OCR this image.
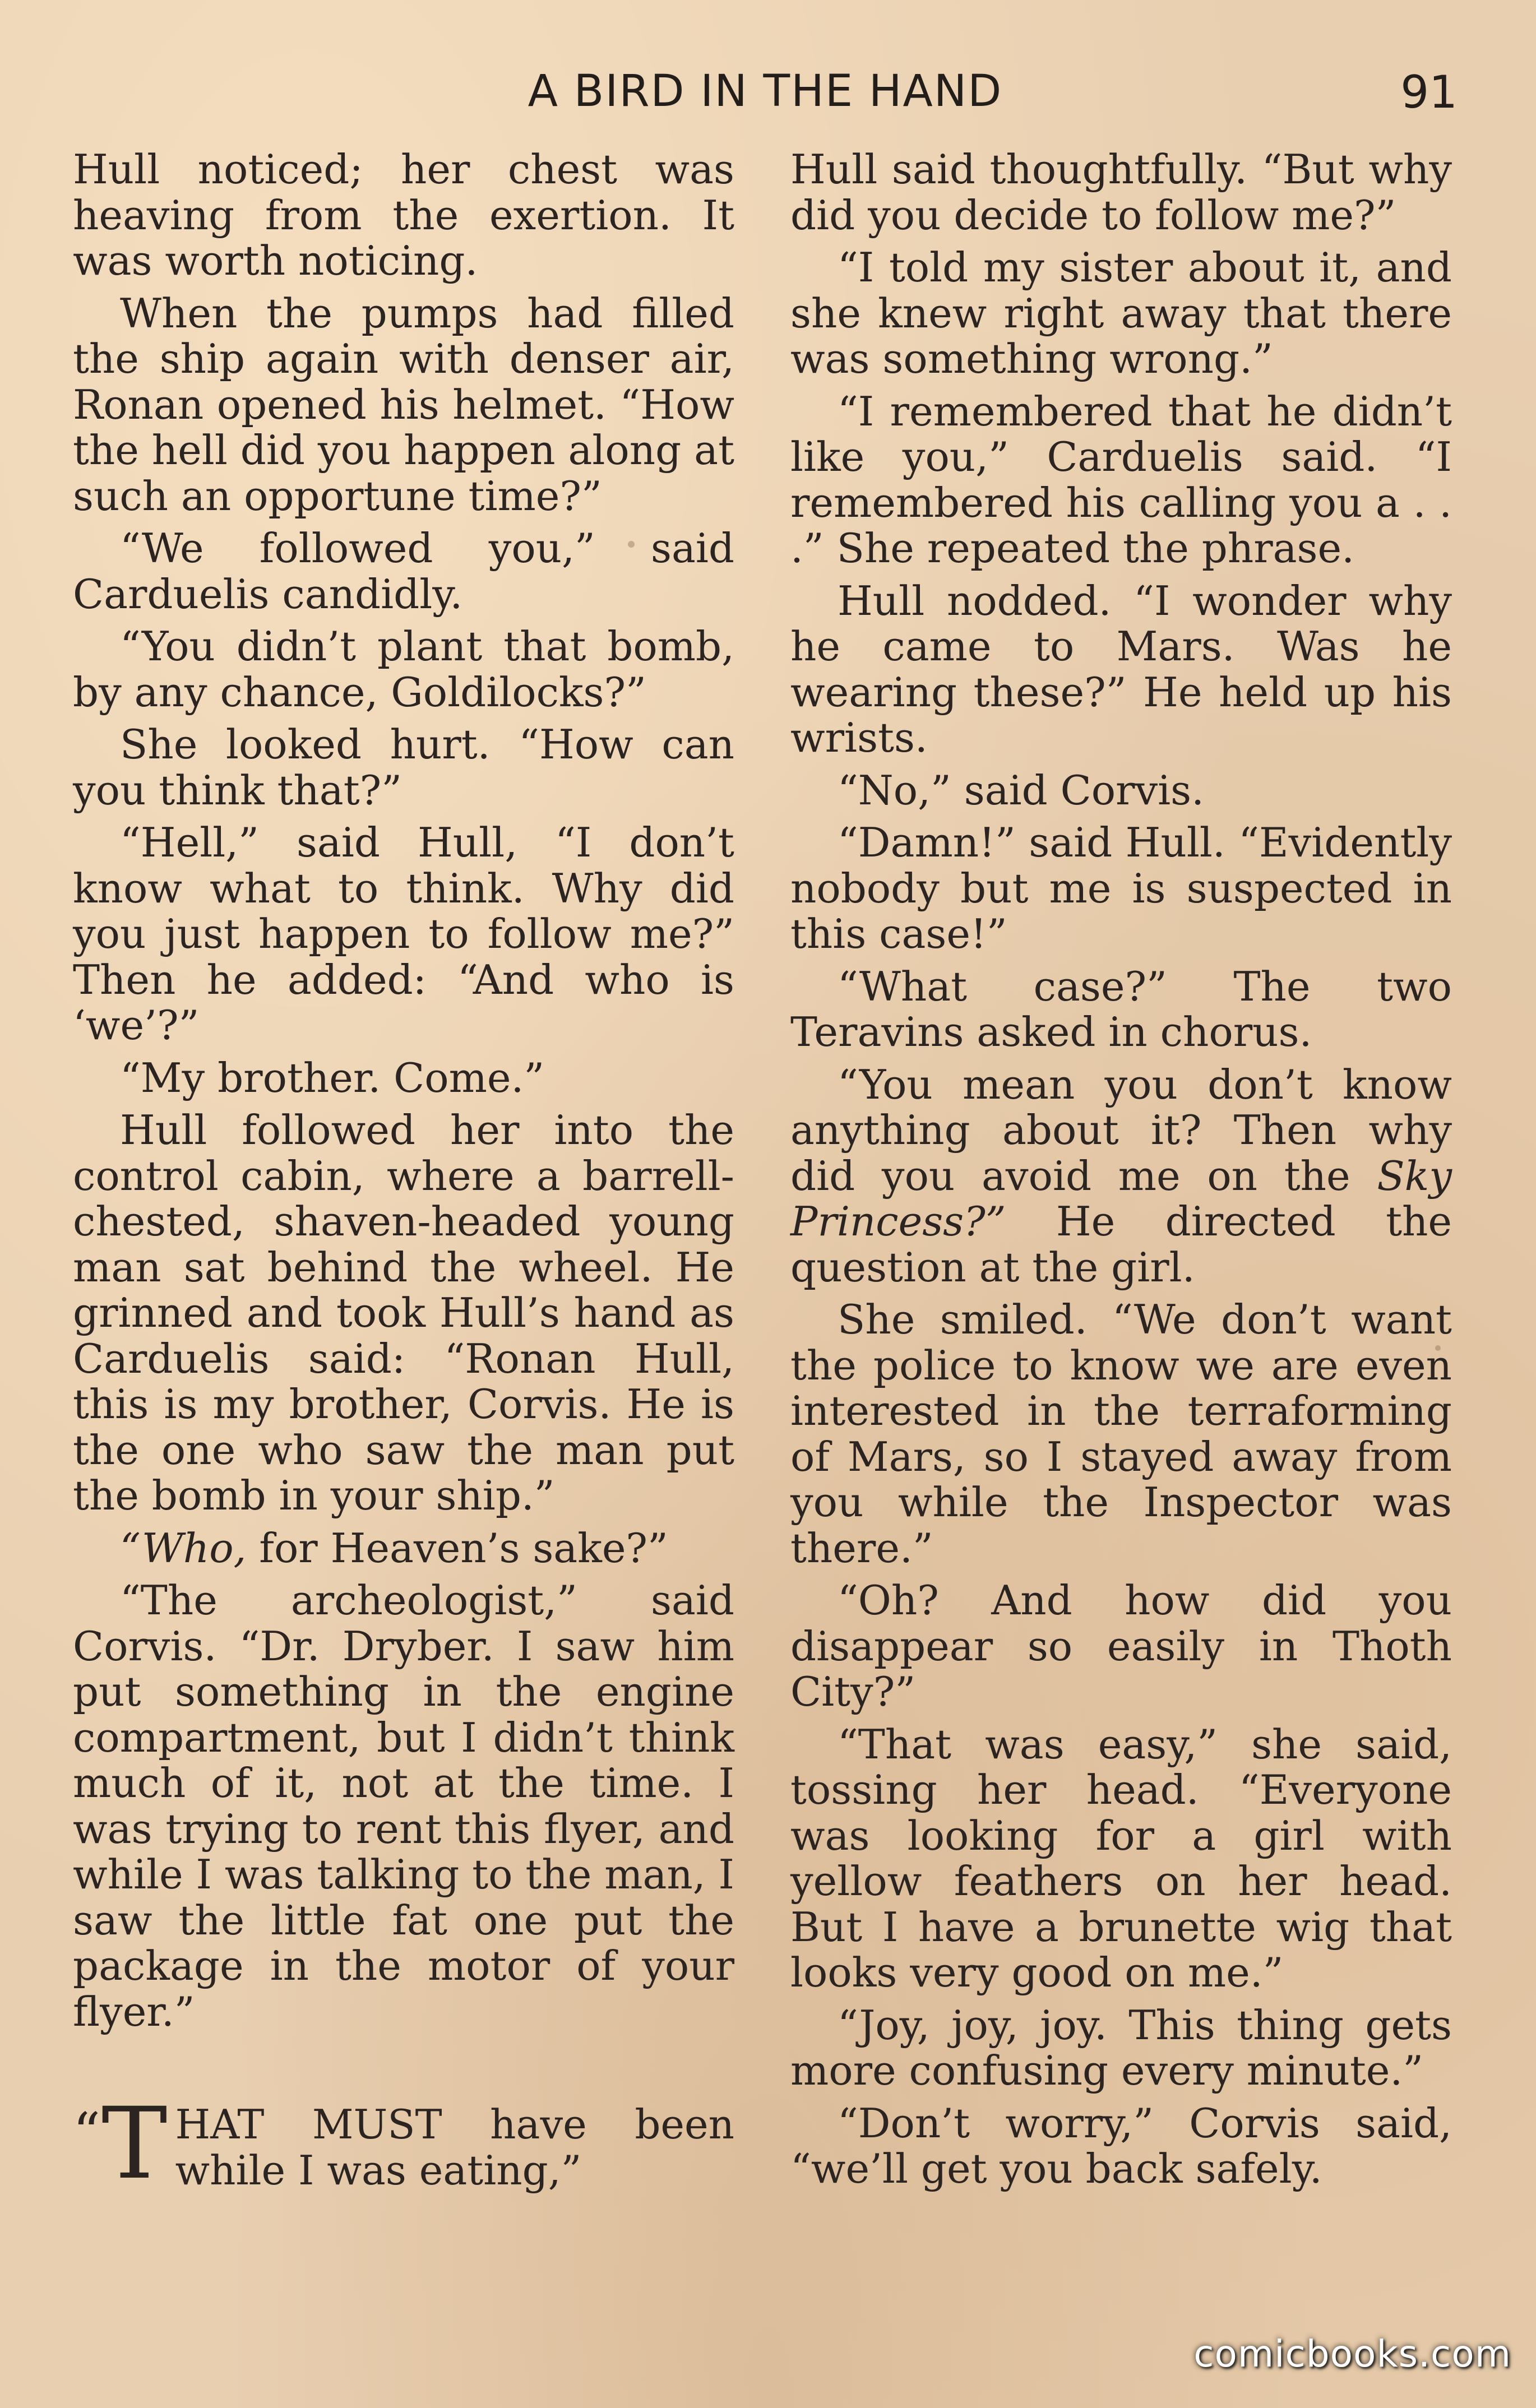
A BIRD IN THE HAND	91

Hull noticed; her chest was heaving from the exertion. It was worth noticing.

When the pumps had filled the ship again with denser air, Ronan opened his helmet. “How the hell did you happen along at such an opportune time?”

“We followed you,” said Carduelis candidly.

“You didn’t plant that bomb, by any chance, Goldilocks?”

She looked hurt. “How can you think that?”

“Hell,” said Hull, “I don’t know what to think. Why did you just happen to follow me?” Then he added: “And who is ‘we’?”

“My brother. Come.”

Hull followed her into the control cabin, where a barrell-chested, shaven-headed young man sat behind the wheel. He grinned and took Hull’s hand as Carduelis said: “Ronan Hull, this is my brother, Corvis. He is the one who saw the man put the bomb in your ship.”

“Who, for Heaven’s sake?”

“The archeologist,” said Corvis. “Dr. Dryber. I saw him put something in the engine compartment, but I didn’t think much of it, not at the time. I was trying to rent this flyer, and while I was talking to the man, I saw the little fat one put the package in the motor of your flyer.”

“ T HAT MUST have been while I was eating,”

Hull said thoughtfully. “But why did you decide to follow me?”

“I told my sister about it, and she knew right away that there was something wrong.”

“I remembered that he didn’t like you,” Carduelis said. “I remembered his calling you a . . .” She repeated the phrase.

Hull nodded. “I wonder why he came to Mars. Was he wearing these?” He held up his wrists.

“No,” said Corvis.

“Damn!” said Hull. “Evidently nobody but me is suspected in this case!”

“What case?” The two Teravins asked in chorus.

“You mean you don’t know anything about it? Then why did you avoid me on the Sky Princess?” He directed the question at the girl.

She smiled. “We don’t want the police to know we are even interested in the terraforming of Mars, so I stayed away from you while the Inspector was there.”

“Oh? And how did you disappear so easily in Thoth City?”

“That was easy,” she said, tossing her head. “Everyone was looking for a girl with yellow feathers on her head. But I have a brunette wig that looks very good on me.”

“Joy, joy, joy. This thing gets more confusing every minute.”

“Don’t worry,” Corvis said, “we’ll get you back safely.

comicbooks.com
